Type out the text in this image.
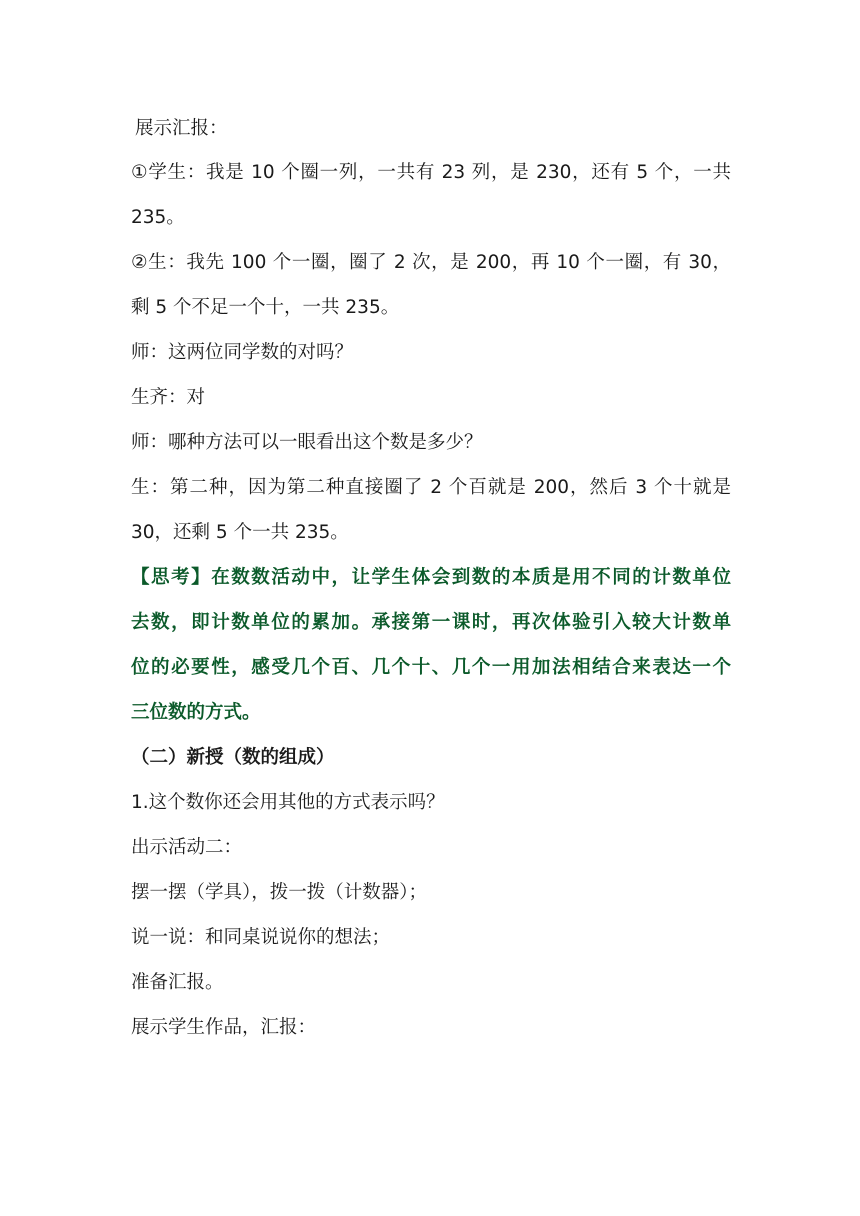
展示汇报：
①学生：我是 10 个圈一列，一共有 23 列，是 230，还有 5 个，一共
235。
②生：我先 100 个一圈，圈了 2 次，是 200，再 10 个一圈，有 30，
剩 5 个不足一个十，一共 235。
师：这两位同学数的对吗？
生齐：对
师：哪种方法可以一眼看出这个数是多少？
生：第二种，因为第二种直接圈了 2 个百就是 200，然后 3 个十就是
30，还剩 5 个一共 235。
【思考】在数数活动中，让学生体会到数的本质是用不同的计数单位
去数，即计数单位的累加。承接第一课时，再次体验引入较大计数单
位的必要性，感受几个百、几个十、几个一用加法相结合来表达一个
三位数的方式。
（二）新授（数的组成）
1.这个数你还会用其他的方式表示吗？
出示活动二：
摆一摆（学具），拨一拨（计数器）；
说一说：和同桌说说你的想法；
准备汇报。
展示学生作品，汇报：
